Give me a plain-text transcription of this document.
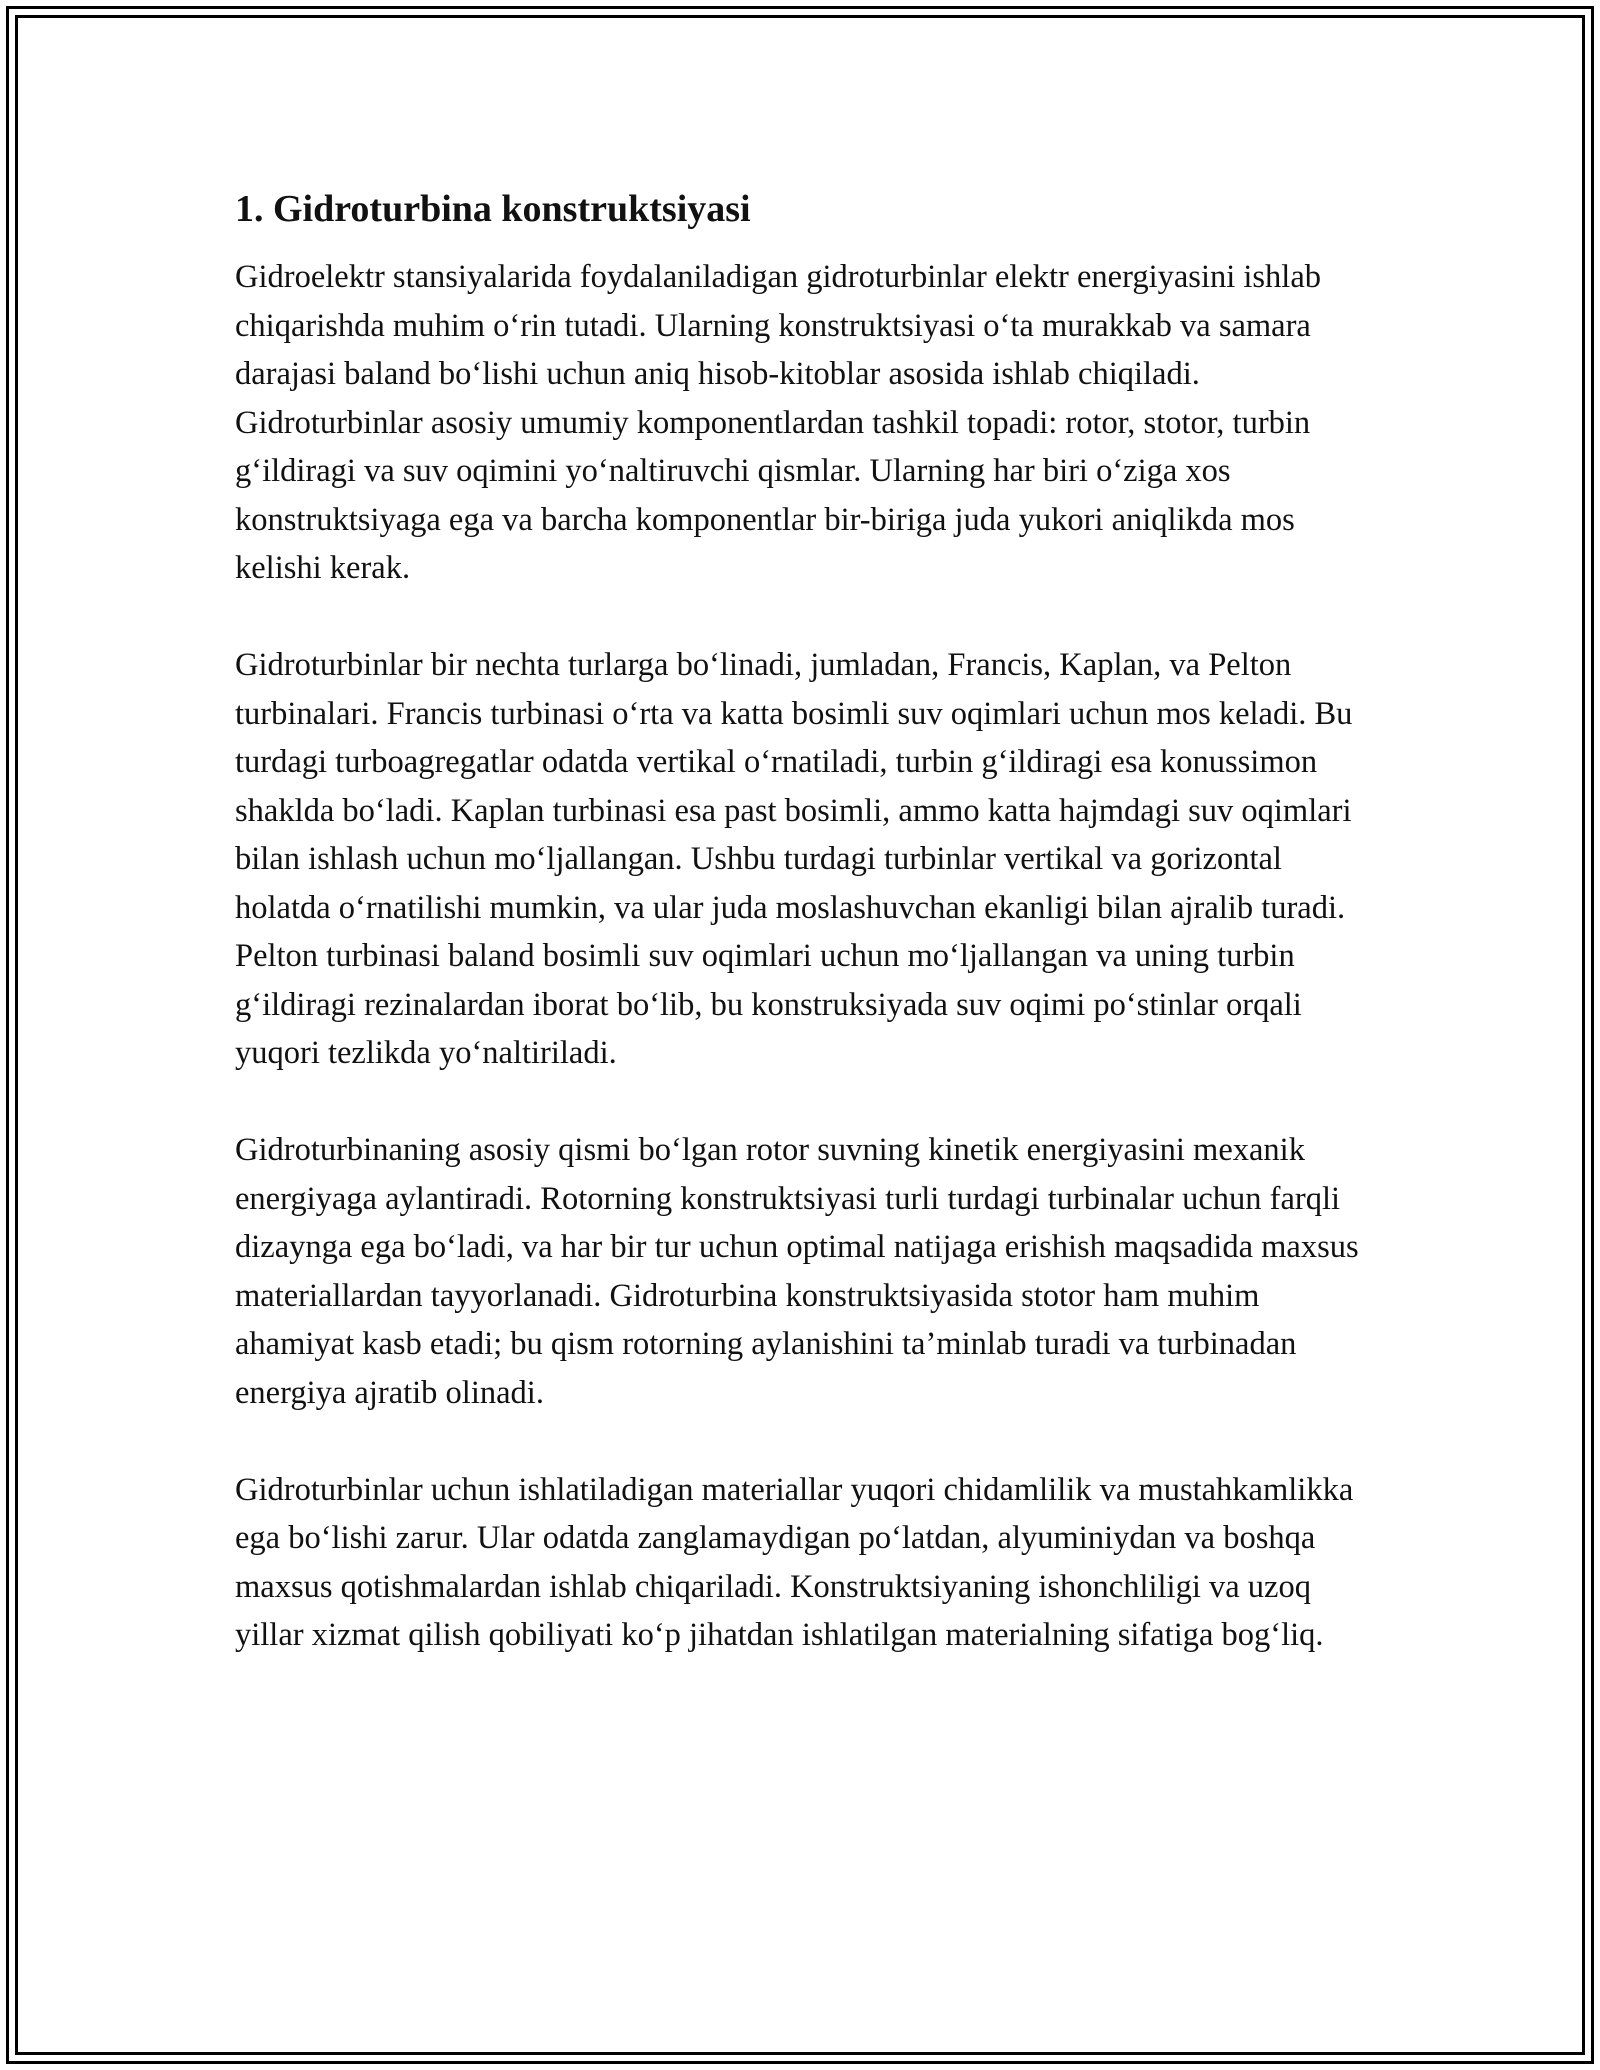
1. Gidroturbina konstruktsiyasi

Gidroelektr stansiyalarida foydalaniladigan gidroturbinlar elektr energiyasini ishlab chiqarishda muhim o‘rin tutadi. Ularning konstruktsiyasi o‘ta murakkab va samara darajasi baland bo‘lishi uchun aniq hisob-kitoblar asosida ishlab chiqiladi. Gidroturbinlar asosiy umumiy komponentlardan tashkil topadi: rotor, stotor, turbin g‘ildiragi va suv oqimini yo‘naltiruvchi qismlar. Ularning har biri o‘ziga xos konstruktsiyaga ega va barcha komponentlar bir-biriga juda yukori aniqlikda mos kelishi kerak.

Gidroturbinlar bir nechta turlarga bo‘linadi, jumladan, Francis, Kaplan, va Pelton turbinalari. Francis turbinasi o‘rta va katta bosimli suv oqimlari uchun mos keladi. Bu turdagi turboagregatlar odatda vertikal o‘rnatiladi, turbin g‘ildiragi esa konussimon shaklda bo‘ladi. Kaplan turbinasi esa past bosimli, ammo katta hajmdagi suv oqimlari bilan ishlash uchun mo‘ljallangan. Ushbu turdagi turbinlar vertikal va gorizontal holatda o‘rnatilishi mumkin, va ular juda moslashuvchan ekanligi bilan ajralib turadi. Pelton turbinasi baland bosimli suv oqimlari uchun mo‘ljallangan va uning turbin g‘ildiragi rezinalardan iborat bo‘lib, bu konstruksiyada suv oqimi po‘stinlar orqali yuqori tezlikda yo‘naltiriladi.

Gidroturbinaning asosiy qismi bo‘lgan rotor suvning kinetik energiyasini mexanik energiyaga aylantiradi. Rotorning konstruktsiyasi turli turdagi turbinalar uchun farqli dizaynga ega bo‘ladi, va har bir tur uchun optimal natijaga erishish maqsadida maxsus materiallardan tayyorlanadi. Gidroturbina konstruktsiyasida stotor ham muhim ahamiyat kasb etadi; bu qism rotorning aylanishini ta’minlab turadi va turbinadan energiya ajratib olinadi.

Gidroturbinlar uchun ishlatiladigan materiallar yuqori chidamlilik va mustahkamlikka ega bo‘lishi zarur. Ular odatda zanglamaydigan po‘latdan, alyuminiydan va boshqa maxsus qotishmalardan ishlab chiqariladi. Konstruktsiyaning ishonchliligi va uzoq yillar xizmat qilish qobiliyati ko‘p jihatdan ishlatilgan materialning sifatiga bog‘liq.
